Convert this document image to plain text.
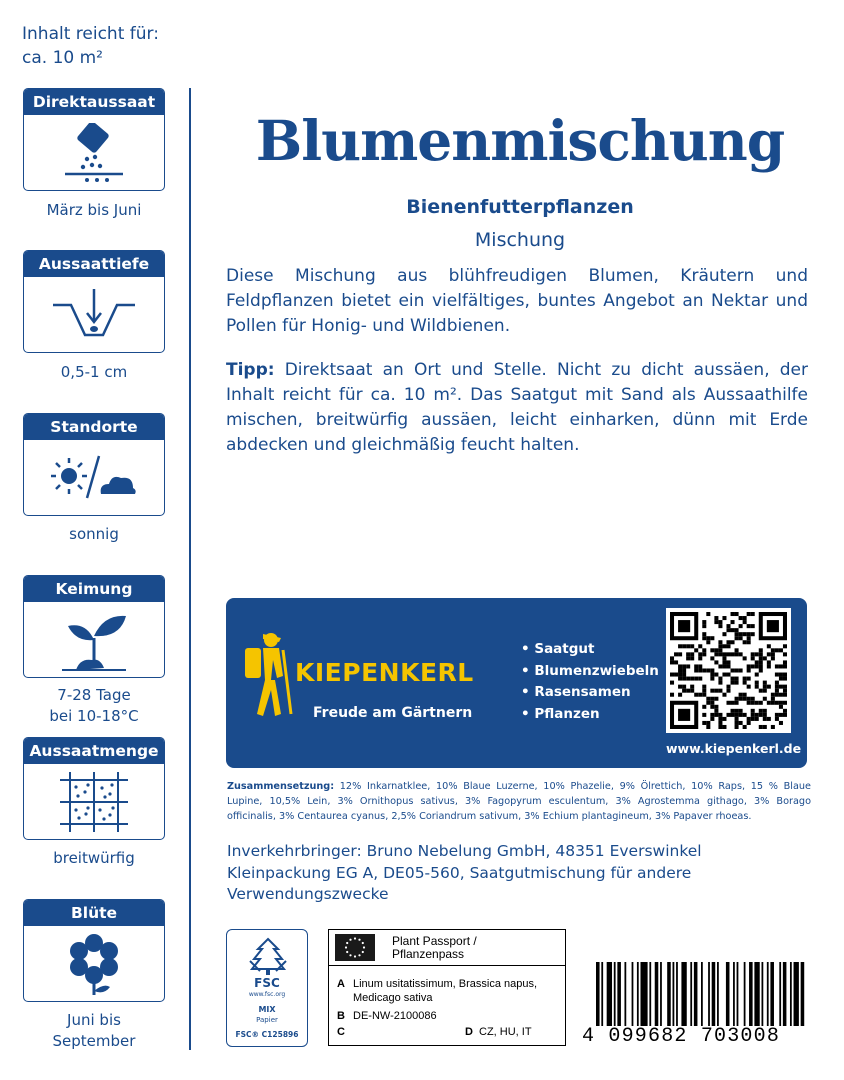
Inhalt reicht für:
ca. 10 m²
Direktaussaat
März bis Juni
Aussaattiefe
0,5-1 cm
Standorte
sonnig
Keimung
7-28 Tage
bei 10-18°C
Aussaatmenge
breitwürfig
Blüte
Juni bis
September
Blumenmischung
Bienenfutterpflanzen
Mischung

Diese Mischung aus blühfreudigen Blumen, Kräutern und Feldpflanzen bietet ein vielfältiges, buntes Angebot an Nektar und Pollen für Honig- und Wildbienen.

Tipp: Direktsaat an Ort und Stelle. Nicht zu dicht aussäen, der Inhalt reicht für ca. 10 m². Das Saatgut mit Sand als Aussaathilfe mischen, breitwürfig aussäen, leicht einharken, dünn mit Erde abdecken und gleichmäßig feucht halten.

KIEPENKERL
Freude am Gärtnern
• Saatgut
• Blumenzwiebeln
• Rasensamen
• Pflanzen
www.kiepenkerl.de

Zusammensetzung: 12% Inkarnatklee, 10% Blaue Luzerne, 10% Phazelie, 9% Ölrettich, 10% Raps, 15 % Blaue Lupine, 10,5% Lein, 3% Ornithopus sativus, 3% Fagopyrum esculentum, 3% Agrostemma githago, 3% Borago officinalis, 3% Centaurea cyanus, 2,5% Coriandrum sativum, 3% Echium plantagineum, 3% Papaver rhoeas.

Inverkehrbringer: Bruno Nebelung GmbH, 48351 Everswinkel
Kleinpackung EG A, DE05-560, Saatgutmischung für andere
Verwendungszwecke
FSC
www.fsc.org
MIX
Papier
FSC® C125896
Plant Passport /
Pflanzenpass
A Linum usitatissimum, Brassica napus,
Medicago sativa
B DE-NW-2100086
C	D CZ, HU, IT	4 099682 703008
